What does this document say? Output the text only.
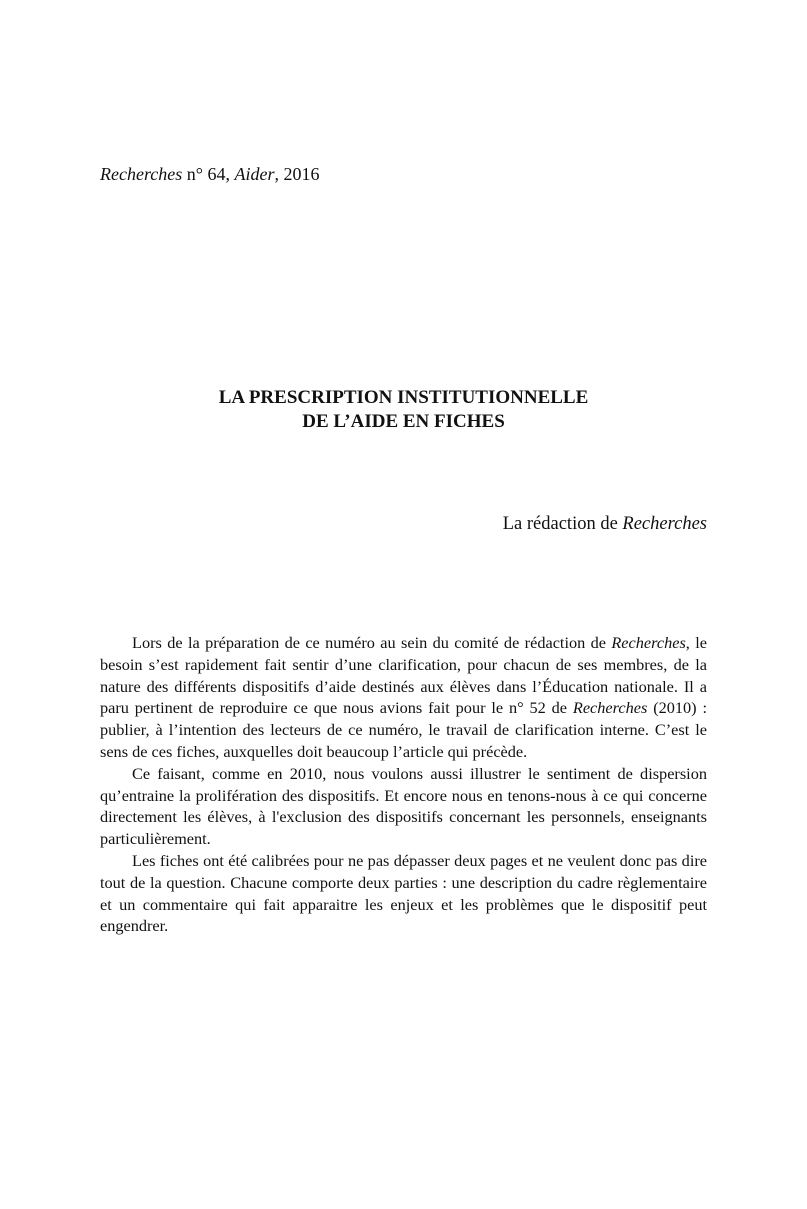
Recherches n° 64, Aider, 2016
LA PRESCRIPTION INSTITUTIONNELLE
DE L’AIDE EN FICHES
La rédaction de Recherches

Lors de la préparation de ce numéro au sein du comité de rédaction de Recherches, le besoin s’est rapidement fait sentir d’une clarification, pour chacun de ses membres, de la nature des différents dispositifs d’aide destinés aux élèves dans l’Éducation nationale. Il a paru pertinent de reproduire ce que nous avions fait pour le n° 52 de Recherches (2010) : publier, à l’intention des lecteurs de ce numéro, le travail de clarification interne. C’est le sens de ces fiches, auxquelles doit beaucoup l’article qui précède.

Ce faisant, comme en 2010, nous voulons aussi illustrer le sentiment de dispersion qu’entraine la prolifération des dispositifs. Et encore nous en tenons-nous à ce qui concerne directement les élèves, à l'exclusion des dispositifs concernant les personnels, enseignants particulièrement.

Les fiches ont été calibrées pour ne pas dépasser deux pages et ne veulent donc pas dire tout de la question. Chacune comporte deux parties : une description du cadre règlementaire et un commentaire qui fait apparaitre les enjeux et les problèmes que le dispositif peut engendrer.
